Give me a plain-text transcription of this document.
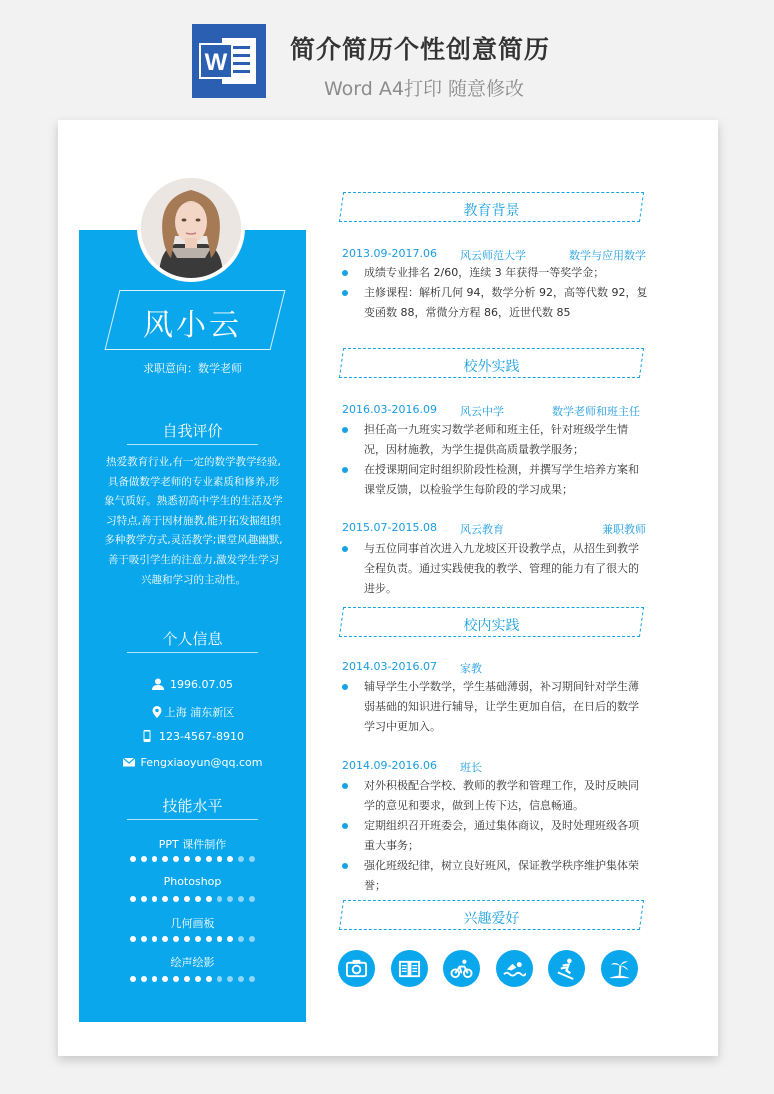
W	简介简历个性创意简历
Word A4打印 随意修改
风小云
求职意向：数学老师
自我评价
热爱教育行业,有一定的数学教学经验,具备做数学老师的专业素质和修养,形象气质好。熟悉初高中学生的生活及学习特点,善于因材施教,能开拓发掘组织多种教学方式,灵活教学;课堂风趣幽默,善于吸引学生的注意力,激发学生学习兴趣和学习的主动性。
个人信息
1996.07.05
上海 浦东新区
123-4567-8910
Fengxiaoyun@qq.com
技能水平
PPT 课件制作
Photoshop
几何画板
绘声绘影
教育背景
2013.09-2017.06 风云师范大学	数学与应用数学
成绩专业排名 2/60，连续 3 年获得一等奖学金；
主修课程：解析几何 94，数学分析 92，高等代数 92，复变函数 88，常微分方程 86，近世代数 85
校外实践
2016.03-2016.09 风云中学	数学老师和班主任
担任高一九班实习数学老师和班主任，针对班级学生情况，因材施教，为学生提供高质量教学服务；
在授课期间定时组织阶段性检测，并撰写学生培养方案和课堂反馈，以检验学生每阶段的学习成果；
2015.07-2015.08 风云教育	兼职教师
与五位同事首次进入九龙坡区开设教学点，从招生到教学全程负责。通过实践使我的教学、管理的能力有了很大的进步。
校内实践
2014.03-2016.07 家教
辅导学生小学数学，学生基础薄弱，补习期间针对学生薄弱基础的知识进行辅导，让学生更加自信，在日后的数学学习中更加入。
2014.09-2016.06 班长
对外积极配合学校、教师的教学和管理工作，及时反映同学的意见和要求，做到上传下达，信息畅通。
定期组织召开班委会，通过集体商议，及时处理班级各项重大事务；
强化班级纪律，树立良好班风，保证教学秩序维护集体荣誉；
兴趣爱好
